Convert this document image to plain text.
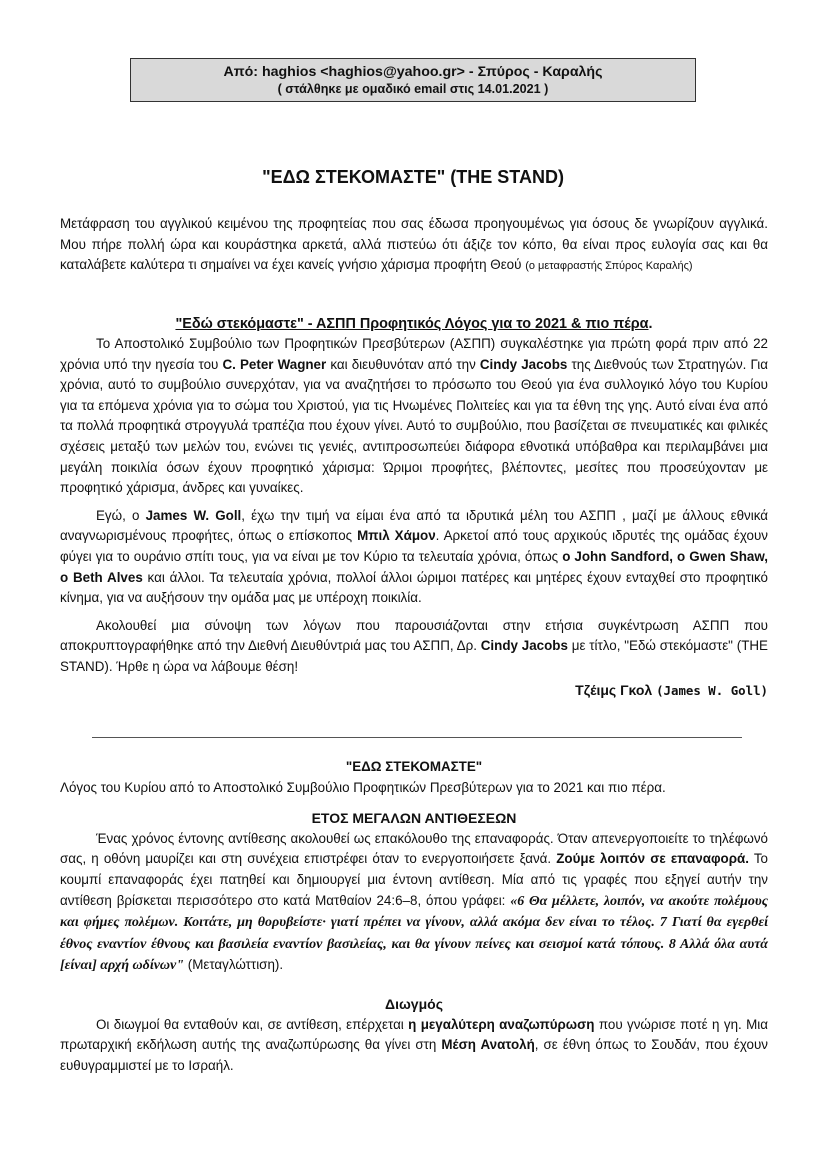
Από: haghios <haghios@yahoo.gr> - Σπύρος - Καραλής
( στάλθηκε με ομαδικό email στις 14.01.2021 )
"ΕΔΩ ΣΤΕΚΟΜΑΣΤΕ" (THE STAND)

Μετάφραση του αγγλικού κειμένου της προφητείας που σας έδωσα προηγουμένως για όσους δε γνωρίζουν αγγλικά. Μου πήρε πολλή ώρα και κουράστηκα αρκετά, αλλά πιστεύω ότι άξιζε τον κόπο, θα είναι προς ευλογία σας και θα καταλάβετε καλύτερα τι σημαίνει να έχει κανείς γνήσιο χάρισμα προφήτη Θεού (ο μεταφραστής Σπύρος Καραλής)

"Εδώ στεκόμαστε" - ΑΣΠΠ Προφητικός Λόγος για το 2021 & πιο πέρα.

Το Αποστολικό Συμβούλιο των Προφητικών Πρεσβύτερων (ΑΣΠΠ) συγκαλέστηκε για πρώτη φορά πριν από 22 χρόνια υπό την ηγεσία του C. Peter Wagner και διευθυνόταν από την Cindy Jacobs της Διεθνούς των Στρατηγών. Για χρόνια, αυτό το συμβούλιο συνερχόταν, για να αναζητήσει το πρόσωπο του Θεού για ένα συλλογικό λόγο του Κυρίου για τα επόμενα χρόνια για το σώμα του Χριστού, για τις Ηνωμένες Πολιτείες και για τα έθνη της γης. Αυτό είναι ένα από τα πολλά προφητικά στρογγυλά τραπέζια που έχουν γίνει. Αυτό το συμβούλιο, που βασίζεται σε πνευματικές και φιλικές σχέσεις μεταξύ των μελών του, ενώνει τις γενιές, αντιπροσωπεύει διάφορα εθνοτικά υπόβαθρα και περιλαμβάνει μια μεγάλη ποικιλία όσων έχουν προφητικό χάρισμα: Ώριμοι προφήτες, βλέποντες, μεσίτες που προσεύχονταν με προφητικό χάρισμα, άνδρες και γυναίκες.

Εγώ, ο James W. Goll, έχω την τιμή να είμαι ένα από τα ιδρυτικά μέλη του ΑΣΠΠ , μαζί με άλλους εθνικά αναγνωρισμένους προφήτες, όπως ο επίσκοπος Μπιλ Χάμον. Αρκετοί από τους αρχικούς ιδρυτές της ομάδας έχουν φύγει για το ουράνιο σπίτι τους, για να είναι με τον Κύριο τα τελευταία χρόνια, όπως ο John Sandford, ο Gwen Shaw, ο Beth Alves και άλλοι. Τα τελευταία χρόνια, πολλοί άλλοι ώριμοι πατέρες και μητέρες έχουν ενταχθεί στο προφητικό κίνημα, για να αυξήσουν την ομάδα μας με υπέροχη ποικιλία.

Ακολουθεί μια σύνοψη των λόγων που παρουσιάζονται στην ετήσια συγκέντρωση ΑΣΠΠ που αποκρυπτογραφήθηκε από την Διεθνή Διευθύντριά μας του ΑΣΠΠ, Δρ. Cindy Jacobs με τίτλο, "Εδώ στεκόμαστε" (THE STAND). Ήρθε η ώρα να λάβουμε θέση!

Τζέιμς Γκολ (James W. Goll)
"ΕΔΩ ΣΤΕΚΟΜΑΣΤΕ"
Λόγος του Κυρίου από το Αποστολικό Συμβούλιο Προφητικών Πρεσβύτερων για το 2021 και πιο πέρα.
ΕΤΟΣ ΜΕΓΑΛΩΝ ΑΝΤΙΘΕΣΕΩΝ

Ένας χρόνος έντονης αντίθεσης ακολουθεί ως επακόλουθο της επαναφοράς. Όταν απενεργοποιείτε το τηλέφωνό σας, η οθόνη μαυρίζει και στη συνέχεια επιστρέφει όταν το ενεργοποιήσετε ξανά. Ζούμε λοιπόν σε επαναφορά. Το κουμπί επαναφοράς έχει πατηθεί και δημιουργεί μια έντονη αντίθεση. Μία από τις γραφές που εξηγεί αυτήν την αντίθεση βρίσκεται περισσότερο στο κατά Ματθαίον 24:6–8, όπου γράφει: «6 Θα μέλλετε, λοιπόν, να ακούτε πολέμους και φήμες πολέμων. Κοιτάτε, μη θορυβείστε· γιατί πρέπει να γίνουν, αλλά ακόμα δεν είναι το τέλος. 7 Γιατί θα εγερθεί έθνος εναντίον έθνους και βασιλεία εναντίον βασιλείας, και θα γίνουν πείνες και σεισμοί κατά τόπους. 8 Αλλά όλα αυτά [είναι] αρχή ωδίνων" (Μεταγλώττιση).

Διωγμός

Οι διωγμοί θα ενταθούν και, σε αντίθεση, επέρχεται η μεγαλύτερη αναζωπύρωση που γνώρισε ποτέ η γη. Μια πρωταρχική εκδήλωση αυτής της αναζωπύρωσης θα γίνει στη Μέση Ανατολή, σε έθνη όπως το Σουδάν, που έχουν ευθυγραμμιστεί με το Ισραήλ.
